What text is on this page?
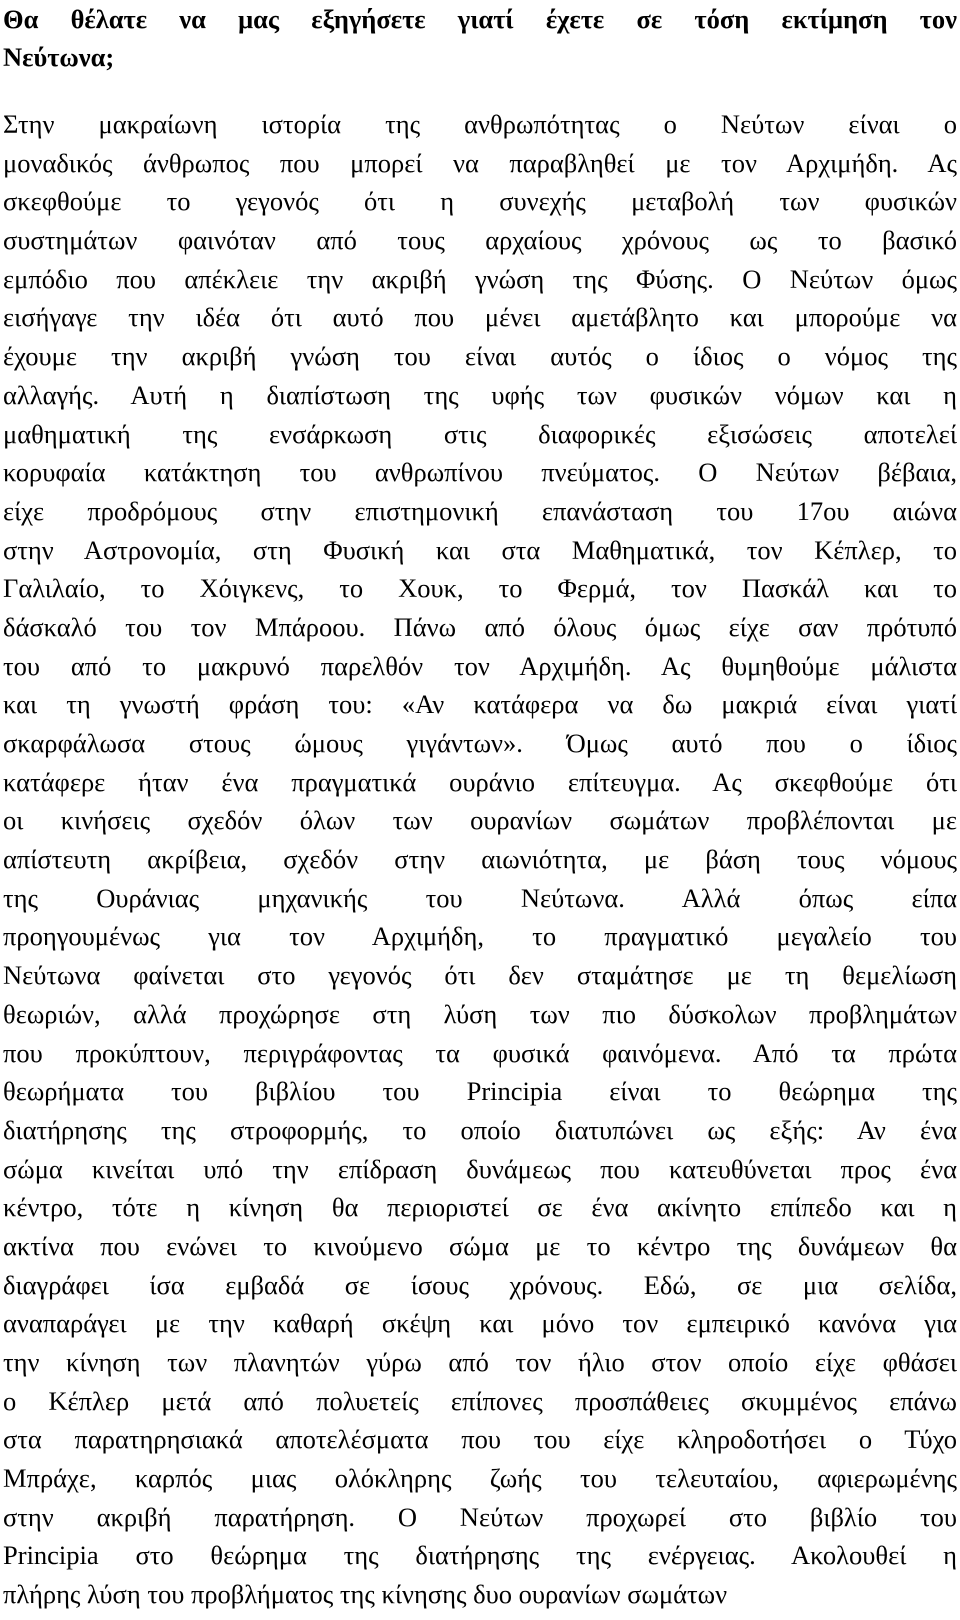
Θα θέλατε να μας εξηγήσετε γιατί έχετε σε τόση εκτίμηση τον
Νεύτωνα;
Στην μακραίωνη ιστορία της ανθρωπότητας ο Νεύτων είναι ο
μοναδικός άνθρωπος που μπορεί να παραβληθεί με τον Αρχιμήδη. Ας
σκεφθούμε το γεγονός ότι η συνεχής μεταβολή των φυσικών
συστημάτων φαινόταν από τους αρχαίους χρόνους ως το βασικό
εμπόδιο που απέκλειε την ακριβή γνώση της Φύσης. Ο Νεύτων όμως
εισήγαγε την ιδέα ότι αυτό που μένει αμετάβλητο και μπορούμε να
έχουμε την ακριβή γνώση του είναι αυτός ο ίδιος ο νόμος της
αλλαγής. Αυτή η διαπίστωση της υφής των φυσικών νόμων και η
μαθηματική της ενσάρκωση στις διαφορικές εξισώσεις αποτελεί
κορυφαία κατάκτηση του ανθρωπίνου πνεύματος. Ο Νεύτων βέβαια,
είχε προδρόμους στην επιστημονική επανάσταση του 17ου αιώνα
στην Αστρονομία, στη Φυσική και στα Μαθηματικά, τον Κέπλερ, το
Γαλιλαίο, το Χόιγκενς, το Χουκ, το Φερμά, τον Πασκάλ και το
δάσκαλό του τον Μπάροου. Πάνω από όλους όμως είχε σαν πρότυπό
του από το μακρυνό παρελθόν τον Αρχιμήδη. Ας θυμηθούμε μάλιστα
και τη γνωστή φράση του: «Αν κατάφερα να δω μακριά είναι γιατί
σκαρφάλωσα στους ώμους γιγάντων». Όμως αυτό που ο ίδιος
κατάφερε ήταν ένα πραγματικά ουράνιο επίτευγμα. Ας σκεφθούμε ότι
οι κινήσεις σχεδόν όλων των ουρανίων σωμάτων προβλέπονται με
απίστευτη ακρίβεια, σχεδόν στην αιωνιότητα, με βάση τους νόμους
της Ουράνιας μηχανικής του Νεύτωνα. Αλλά όπως είπα
προηγουμένως για τον Αρχιμήδη, το πραγματικό μεγαλείο του
Νεύτωνα φαίνεται στο γεγονός ότι δεν σταμάτησε με τη θεμελίωση
θεωριών, αλλά προχώρησε στη λύση των πιο δύσκολων προβλημάτων
που προκύπτουν, περιγράφοντας τα φυσικά φαινόμενα. Από τα πρώτα
θεωρήματα του βιβλίου του Principia είναι το θεώρημα της
διατήρησης της στροφορμής, το οποίο διατυπώνει ως εξής: Αν ένα
σώμα κινείται υπό την επίδραση δυνάμεως που κατευθύνεται προς ένα
κέντρο, τότε η κίνηση θα περιοριστεί σε ένα ακίνητο επίπεδο και η
ακτίνα που ενώνει το κινούμενο σώμα με το κέντρο της δυνάμεων θα
διαγράφει ίσα εμβαδά σε ίσους χρόνους. Εδώ, σε μια σελίδα,
αναπαράγει με την καθαρή σκέψη και μόνο τον εμπειρικό κανόνα για
την κίνηση των πλανητών γύρω από τον ήλιο στον οποίο είχε φθάσει
ο Κέπλερ μετά από πολυετείς επίπονες προσπάθειες σκυμμένος επάνω
στα παρατηρησιακά αποτελέσματα που του είχε κληροδοτήσει ο Τύχο
Μπράχε, καρπός μιας ολόκληρης ζωής του τελευταίου, αφιερωμένης
στην ακριβή παρατήρηση. Ο Νεύτων προχωρεί στο βιβλίο του
Principia στο θεώρημα της διατήρησης της ενέργειας. Ακολουθεί η
πλήρης λύση του προβλήματος της κίνησης δυο ουρανίων σωμάτων
